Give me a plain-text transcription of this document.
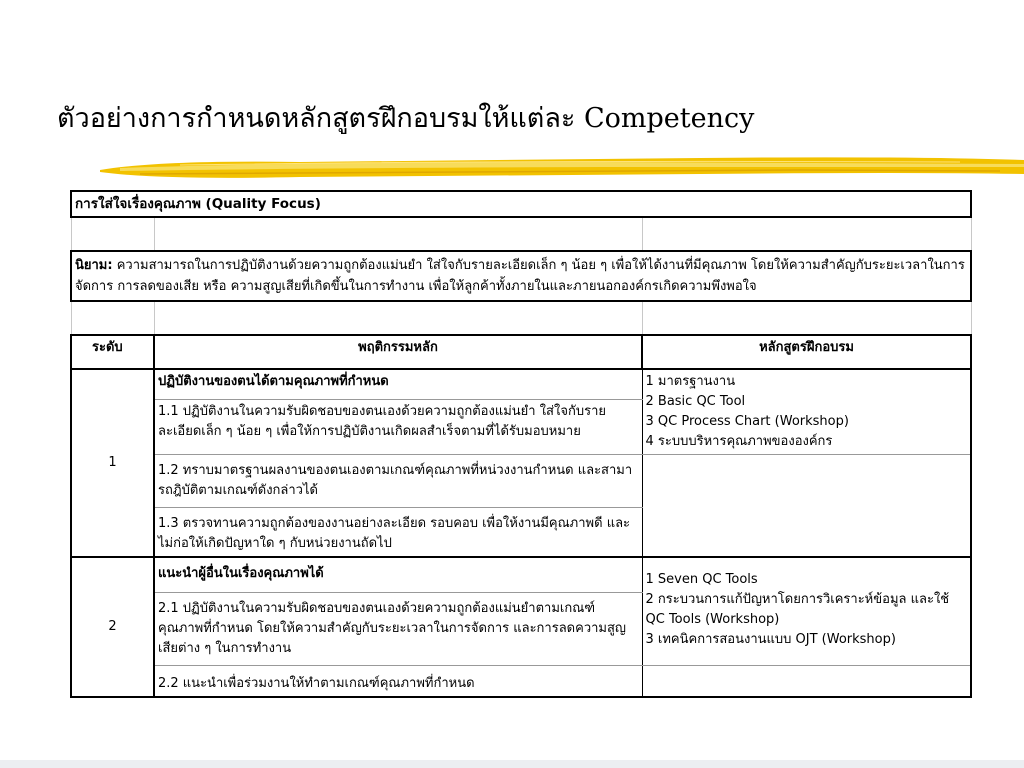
ตัวอย่างการกำหนดหลักสูตรฝึกอบรมให้แต่ละ Competency
การใส่ใจเรื่องคุณภาพ (Quality Focus)		

นิยาม: ความสามารถในการปฏิบัติงานด้วยความถูกต้องแม่นยำ ใส่ใจกับรายละเอียดเล็ก ๆ น้อย ๆ เพื่อให้ได้งานที่มีคุณภาพ โดยให้ความสำคัญกับระยะเวลาในการจัดการ การลดของเสีย หรือ ความสูญเสียที่เกิดขึ้นในการทำงาน เพื่อให้ลูกค้าทั้งภายในและภายนอกองค์กรเกิดความพึงพอใจ		

ระดับ	พฤติกรรมหลัก	หลักสูตรฝึกอบรม
1	ปฏิบัติงานของตนได้ตามคุณภาพที่กำหนด	1 มาตรฐานงาน
2 Basic QC Tool
3 QC Process Chart (Workshop)
4 ระบบบริหารคุณภาพขององค์กร

	1.1 ปฏิบัติงานในความรับผิดชอบของตนเองด้วยความถูกต้องแม่นยำ ใส่ใจกับรายละเอียดเล็ก ๆ น้อย ๆ เพื่อให้การปฏิบัติงานเกิดผลสำเร็จตามที่ได้รับมอบหมาย	
	1.2 ทราบมาตรฐานผลงานของตนเองตามเกณฑ์คุณภาพที่หน่วงงานกำหนด และสามารถฎิบัติตามเกณฑ์ดังกล่าวได้	
	1.3 ตรวจทานความถูกต้องของงานอย่างละเอียด รอบคอบ เพื่อให้งานมีคุณภาพดี และไม่ก่อให้เกิดปัญหาใด ๆ กับหน่วยงานถัดไป	
2	แนะนำผู้อื่นในเรื่องคุณภาพได้	1 Seven QC Tools
2 กระบวนการแก้ปัญหาโดยการวิเคราะห์ข้อมูล และใช้ QC Tools (Workshop)
3 เทคนิคการสอนงานแบบ OJT (Workshop)

	2.1 ปฏิบัติงานในความรับผิดชอบของตนเองด้วยความถูกต้องแม่นยำตามเกณฑ์คุณภาพที่กำหนด โดยให้ความสำคัญกับระยะเวลาในการจัดการ และการลดความสูญเสียต่าง ๆ ในการทำงาน	
	2.2 แนะนำเพื่อร่วมงานให้ทำตามเกณฑ์คุณภาพที่กำหนด	
